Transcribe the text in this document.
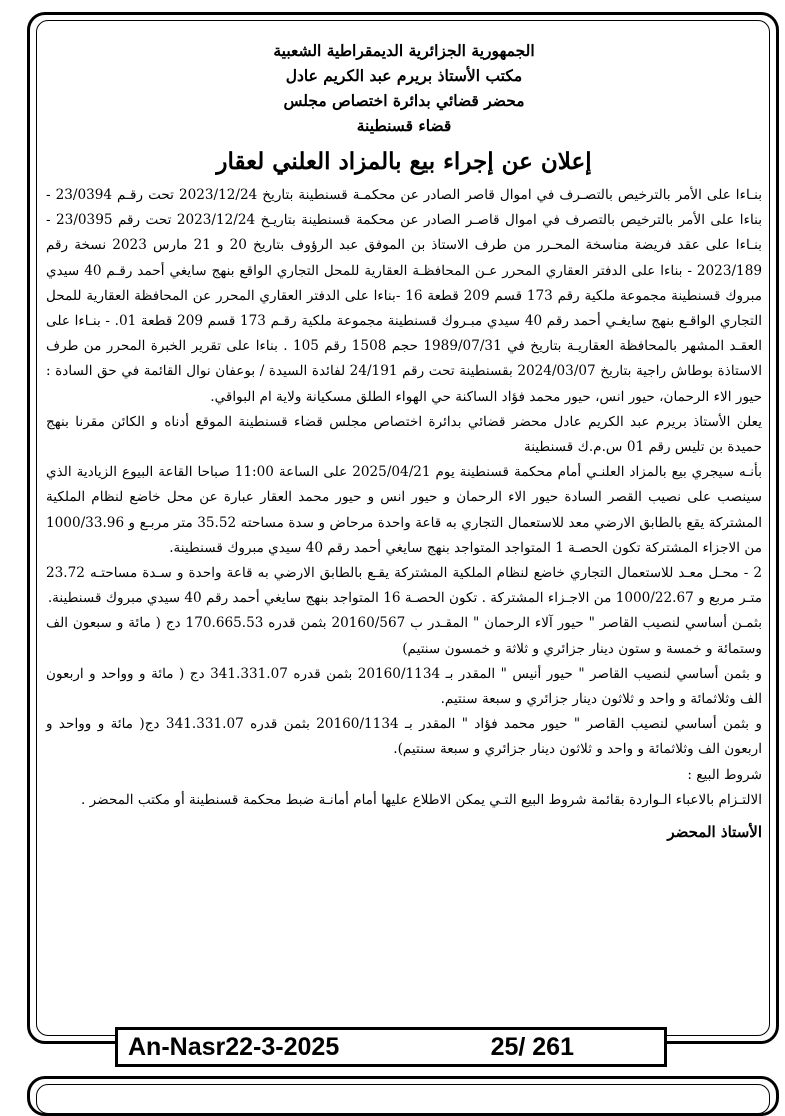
الجمهورية الجزائرية الديمقراطية الشعبية

مكتب الأستاذ بريرم عبد الكريم عادل

محضر قضائي بدائرة اختصاص مجلس

قضاء قسنطينة

إعلان عن إجراء بيع بالمزاد العلني لعقار

بنـاءا على الأمر بالترخيص بالتصـرف في اموال قاصر الصادر عن محكمـة قسنطينة بتاريخ 2023/12/24 تحت رقـم 23/0394 - بناءا على الأمر بالترخيص بالتصرف في اموال قاصـر الصادر عن محكمة قسنطينة بتاريـخ 2023/12/24 تحت رقم 23/0395 - بنـاءا على عقد فريضة مناسخة المحـرر من طرف الاستاذ بن الموفق عبد الرؤوف بتاريخ 20 و 21 مارس 2023 نسخة رقم 2023/189 - بناءا على الدفتر العقاري المحرر عـن المحافظـة العقارية للمحل التجاري الواقع بنهج سايغي أحمد رقـم 40 سيدي مبروك قسنطينة مجموعة ملكية رقم 173 قسم 209 قطعة 16 -بناءا على الدفتر العقاري المحرر عن المحافظة العقارية للمحل التجاري الواقـع بنهج سايغـي أحمد رقم 40 سيدي مبـروك قسنطينة مجموعة ملكية رقـم 173 قسم 209 قطعة 01. - بنـاءا على العقـد المشهر بالمحافظة العقاريـة بتاريخ في 1989/07/31 حجم 1508 رقم 105 . بناءا على تقرير الخبرة المحرر من طرف الاستاذة بوطاش راجية بتاريخ 2024/03/07 بقسنطينة تحت رقم 24/191 لفائدة السيدة / بوعفان نوال القائمة في حق السادة : حيور الاء الرحمان، حيور انس، حيور محمد فؤاد الساكنة حي الهواء الطلق مسكيانة ولاية ام البواقي.

يعلن الأستاذ بريرم عبد الكريم عادل محضر قضائي بدائرة اختصاص مجلس قضاء قسنطينة الموقع أدناه و الكائن مقرنا بنهج حميدة بن تليس رقم 01 س.م.ك قسنطينة

بأنـه سيجري بيع بالمزاد العلنـي أمام محكمة قسنطينة يوم 2025/04/21 على الساعة 11:00 صباحا القاعة البيوع الزيادية الذي سينصب على نصيب القصر السادة حيور الاء الرحمان و حيور انس و حيور محمد العقار عبارة عن محل خاضع لنظام الملكية المشتركة يقع بالطابق الارضي معد للاستعمال التجاري به قاعة واحدة مرحاض و سدة مساحته 35.52 متر مربـع و 1000/33.96 من الاجزاء المشتركة تكون الحصـة 1 المتواجد المتواجد بنهج سايغي أحمد رقم 40 سيدي مبروك قسنطينة.

2 - محـل معـد للاستعمال التجاري خاضع لنظام الملكية المشتركة يقـع بالطابق الارضي به قاعة واحدة و سـدة مساحتـه 23.72 متـر مربع و 1000/22.67 من الاجـزاء المشتركة . تكون الحصـة 16 المتواجد بنهج سايغي أحمد رقم 40 سيدي مبروك قسنطينة.

بثمـن أساسي لنصيب القاصر " حيور آلاء الرحمان " المقـدر ب 20160/567 بثمن قدره 170.665.53 دج ( مائة و سبعون الف وستمائة و خمسة و ستون دينار جزائري و ثلاثة و خمسون سنتيم)

و بثمن أساسي لنصيب القاصر " حيور أنيس " المقدر بـ 20160/1134 بثمن قدره 341.331.07 دج ( مائة و وواحد و اربعون الف وثلاثمائة و واحد و ثلاثون دينار جزائري و سبعة سنتيم.

و بثمن أساسي لنصيب القاصر " حيور محمد فؤاد " المقدر بـ 20160/1134 بثمن قدره 341.331.07 دج( مائة و وواحد و اربعون الف وثلاثمائة و واحد و ثلاثون دينار جزائري و سبعة سنتيم).

شروط البيع :

الالتـزام بالاعباء الـواردة بقائمة شروط البيع التـي يمكن الاطلاع عليها أمام أمانـة ضبط محكمة قسنطينة أو مكتب المحضر .

الأستاذ المحضر
An-Nasr22-3-2025	25/ 261
